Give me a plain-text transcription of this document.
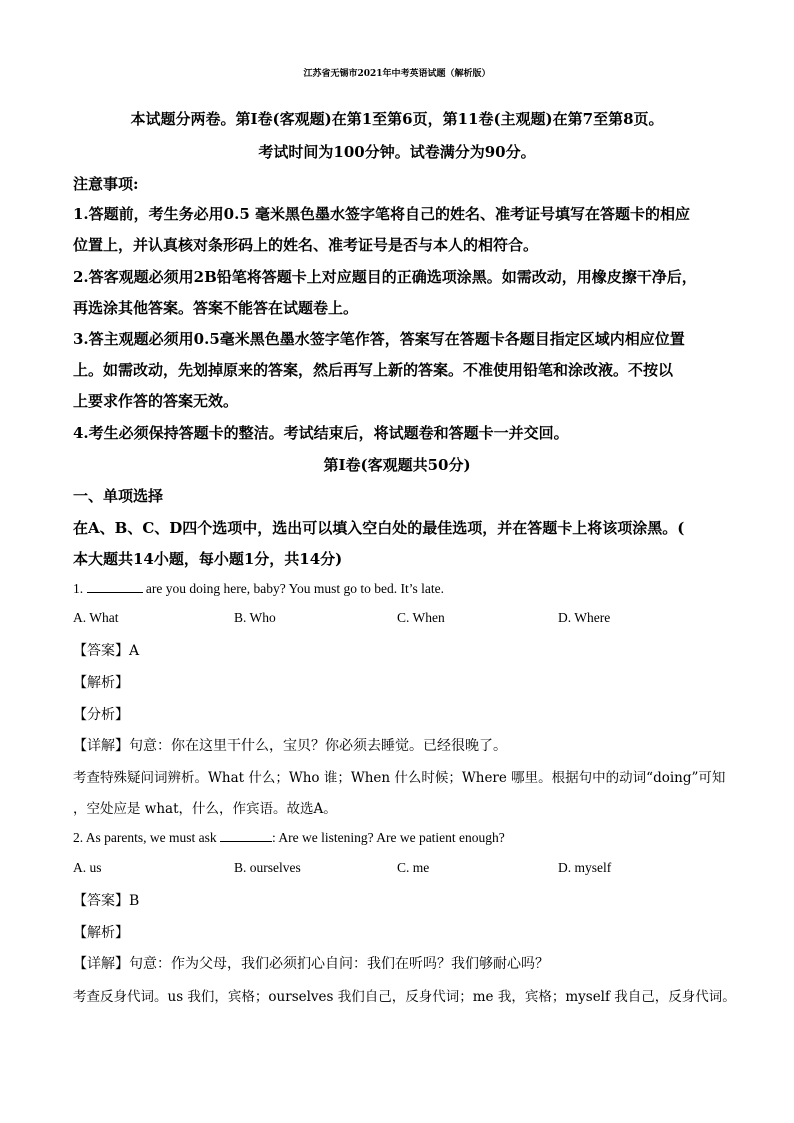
江苏省无锡市2021年中考英语试题（解析版）
本试题分两卷。第I卷(客观题)在第1至第6页，第11卷(主观题)在第7至第8页。
考试时间为100分钟。试卷满分为90分。
注意事项:
1.答题前，考生务必用0.5 毫米黑色墨水签字笔将自己的姓名、准考证号填写在答题卡的相应
位置上，并认真核对条形码上的姓名、准考证号是否与本人的相符合。
2.答客观题必须用2B铅笔将答题卡上对应题目的正确选项涂黑。如需改动，用橡皮擦干净后，
再选涂其他答案。答案不能答在试题卷上。
3.答主观题必须用0.5毫米黑色墨水签字笔作答，答案写在答题卡各题目指定区域内相应位置
上。如需改动，先划掉原来的答案，然后再写上新的答案。不准使用铅笔和涂改液。不按以
上要求作答的答案无效。
4.考生必须保持答题卡的整洁。考试结束后，将试题卷和答题卡一并交回。
第I卷(客观题共50分)
一、单项选择
在A、B、C、D四个选项中，选出可以填入空白处的最佳选项，并在答题卡上将该项涂黑。(
本大题共14小题，每小题1分，共14分)
1.	are you doing here, baby? You must go to bed. It’s late.
A. What	B. Who	C. When	D. Where
【答案】A
【解析】
【分析】
【详解】句意：你在这里干什么，宝贝？你必须去睡觉。已经很晚了。
考查特殊疑问词辨析。What 什么；Who 谁；When 什么时候；Where 哪里。根据句中的动词“doing”可知
，空处应是 what，什么，作宾语。故选A。
2. As parents, we must ask	: Are we listening? Are we patient enough?
A. us	B. ourselves	C. me	D. myself
【答案】B
【解析】
【详解】句意：作为父母，我们必须扪心自问：我们在听吗？我们够耐心吗？
考查反身代词。us 我们，宾格；ourselves 我们自己，反身代词；me 我，宾格；myself 我自己，反身代词。
